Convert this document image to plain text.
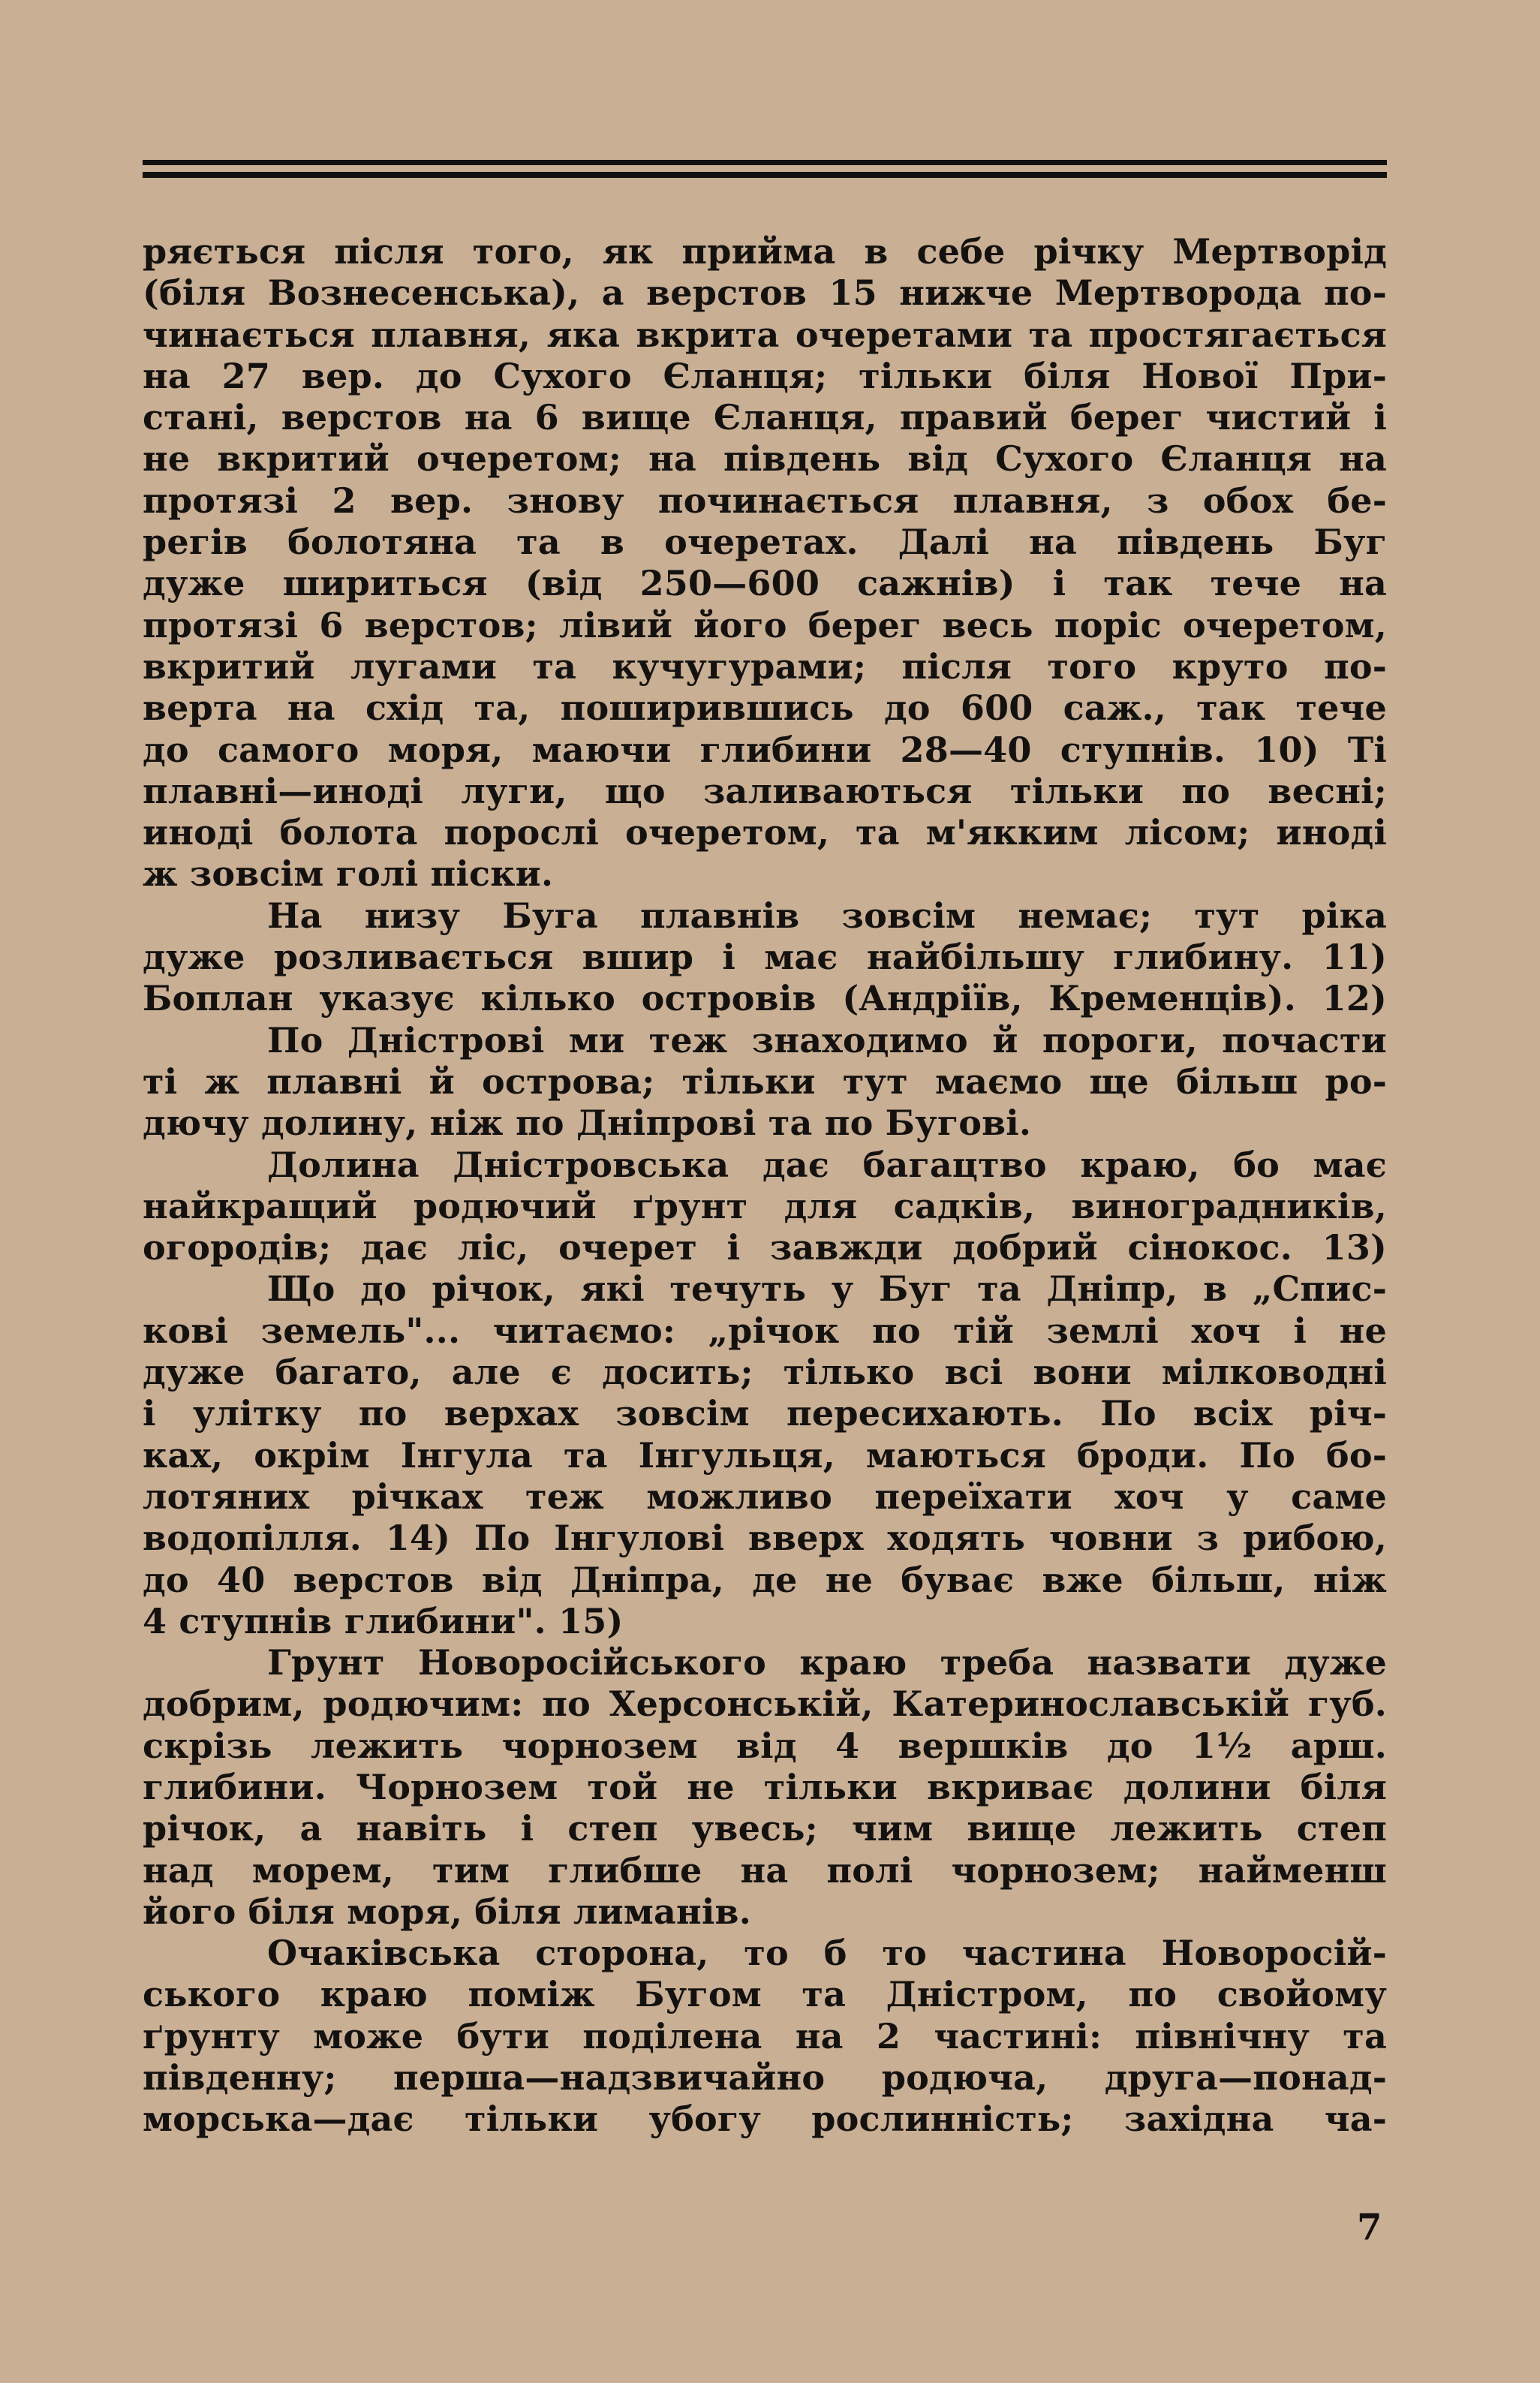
ряється після того, як прийма в себе річку Мертворід
(біля Вознесенська), а верстов 15 нижче Мертворода по-
чинається плавня, яка вкрита очеретами та простягається
на 27 вер. до Сухого Єланця; тільки біля Нової При-
стані, верстов на 6 вище Єланця, правий берег чистий і
не вкритий очеретом; на південь від Сухого Єланця на
протязі 2 вер. знову починається плавня, з обох бе-
регів болотяна та в очеретах. Далі на південь Буг
дуже шириться (від 250—600 сажнів) і так тече на
протязі 6 верстов; лівий його берег весь поріс очеретом,
вкритий лугами та кучугурами; після того круто по-
верта на схід та, поширившись до 600 саж., так тече
до самого моря, маючи глибини 28—40 ступнів. 10) Ті
плавні—иноді луги, що заливаються тільки по весні;
иноді болота порослі очеретом, та м'якким лісом; иноді
ж зовсім голі піски.
На низу Буга плавнів зовсім немає; тут ріка
дуже розливається вшир і має найбільшу глибину. 11)
Боплан указує кілько островів (Андріїв, Кременців). 12)
По Дністрові ми теж знаходимо й пороги, почасти
ті ж плавні й острова; тільки тут маємо ще більш ро-
дючу долину, ніж по Дніпрові та по Бугові.
Долина Дністровська дає багацтво краю, бо має
найкращий родючий ґрунт для садків, виноградників,
огородів; дає ліс, очерет і завжди добрий сінокос. 13)
Що до річок, які течуть у Буг та Дніпр, в „Спис-
кові земель"... читаємо: „річок по тій землі хоч і не
дуже багато, але є досить; тілько всі вони мілководні
і улітку по верхах зовсім пересихають. По всіх річ-
ках, окрім Інгула та Інгульця, маються броди. По бо-
лотяних річках теж можливо переїхати хоч у саме
водопілля. 14) По Інгулові вверх ходять човни з рибою,
до 40 верстов від Дніпра, де не буває вже більш, ніж
4 ступнів глибини". 15)
Грунт Новоросійського краю треба назвати дуже
добрим, родючим: по Херсонській, Катеринославській губ.
скрізь лежить чорнозем від 4 вершків до 1½ арш.
глибини. Чорнозем той не тільки вкриває долини біля
річок, а навіть і степ увесь; чим вище лежить степ
над морем, тим глибше на полі чорнозем; найменш
його біля моря, біля лиманів.
Очаківська сторона, то б то частина Новоросій-
ського краю поміж Бугом та Дністром, по свойому
ґрунту може бути поділена на 2 частині: північну та
південну; перша—надзвичайно родюча, друга—понад-
морська—дає тільки убогу рослинність; західна ча-
7
